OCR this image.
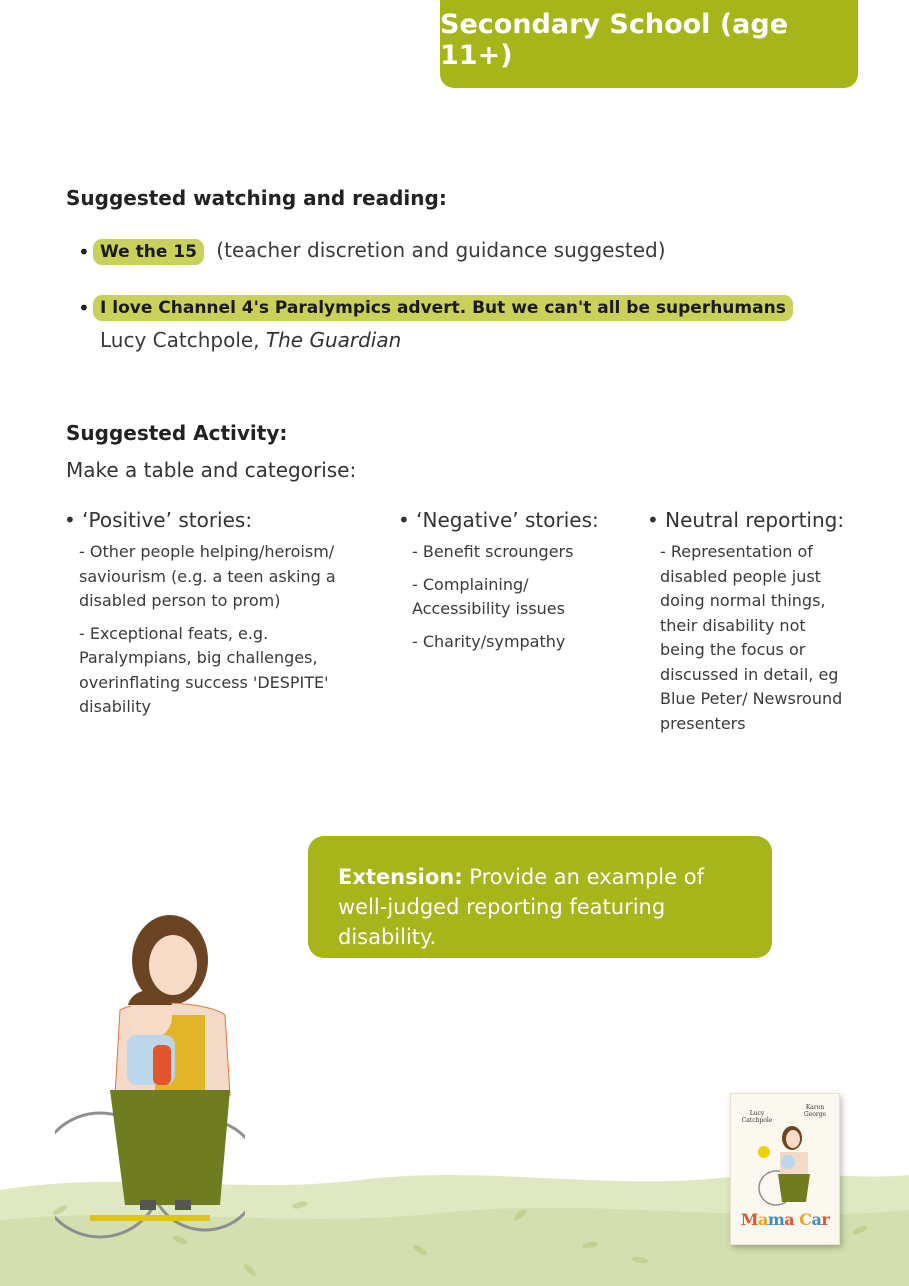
Secondary School (age 11+)
Suggested watching and reading:
• We the 15 (teacher discretion and guidance suggested)
• I love Channel 4's Paralympics advert. But we can't all be superhumans
Lucy Catchpole, The Guardian
Suggested Activity:
Make a table and categorise:
• ‘Positive’ stories:
- Other people helping/heroism/ saviourism (e.g. a teen asking a disabled person to prom)
- Exceptional feats, e.g. Paralympians, big challenges, overinflating success 'DESPITE' disability
• ‘Negative’ stories:
- Benefit scroungers
- Complaining/ Accessibility issues
- Charity/sympathy
• Neutral reporting:
- Representation of disabled people just doing normal things, their disability not being the focus or discussed in detail, eg Blue Peter/ Newsround presenters
Extension: Provide an example of well-judged reporting featuring disability.
Lucy Catchpole
Karen George
Mama Car
